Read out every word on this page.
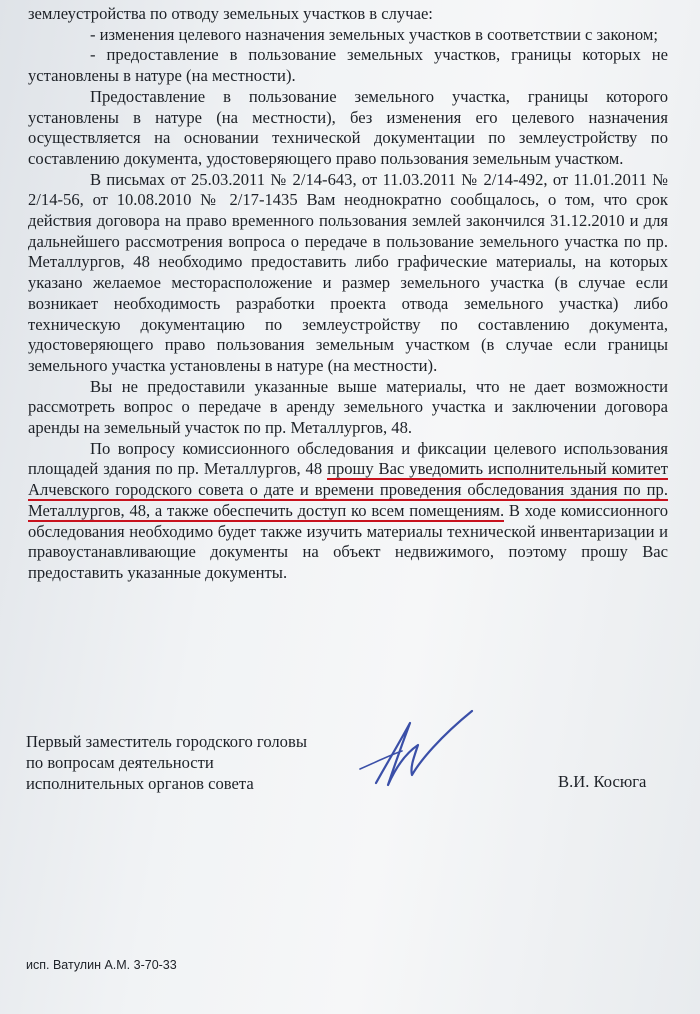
землеустройства по отводу земельных участков в случае:

- изменения целевого назначения земельных участков в соответствии с законом;

- предоставление в пользование земельных участков, границы которых не установлены в натуре (на местности).

Предоставление в пользование земельного участка, границы которого установлены в натуре (на местности), без изменения его целевого назначения осуществляется на основании технической документации по землеустройству по составлению документа, удостоверяющего право пользования земельным участком.

В письмах от 25.03.2011 № 2/14-643, от 11.03.2011 № 2/14-492, от 11.01.2011 № 2/14-56, от 10.08.2010 № 2/17-1435 Вам неоднократно сообщалось, о том, что срок действия договора на право временного пользования землей закончился 31.12.2010 и для дальнейшего рассмотрения вопроса о передаче в пользование земельного участка по пр. Металлургов, 48 необходимо предоставить либо графические материалы, на которых указано желаемое месторасположение и размер земельного участка (в случае если возникает необходимость разработки проекта отвода земельного участка) либо техническую документацию по землеустройству по составлению документа, удостоверяющего право пользования земельным участком (в случае если границы земельного участка установлены в натуре (на местности).

Вы не предоставили указанные выше материалы, что не дает возможности рассмотреть вопрос о передаче в аренду земельного участка и заключении договора аренды на земельный участок по пр. Металлургов, 48.

По вопросу комиссионного обследования и фиксации целевого использования площадей здания по пр. Металлургов, 48 прошу Вас уведомить исполнительный комитет Алчевского городского совета о дате и времени проведения обследования здания по пр. Металлургов, 48, а также обеспечить доступ ко всем помещениям. В ходе комиссионного обследования необходимо будет также изучить материалы технической инвентаризации и правоустанавливающие документы на объект недвижимого, поэтому прошу Вас предоставить указанные документы.

Первый заместитель городского головы
по вопросам деятельности
исполнительных органов совета	В.И. Косюга
исп. Ватулин А.М. 3-70-33
